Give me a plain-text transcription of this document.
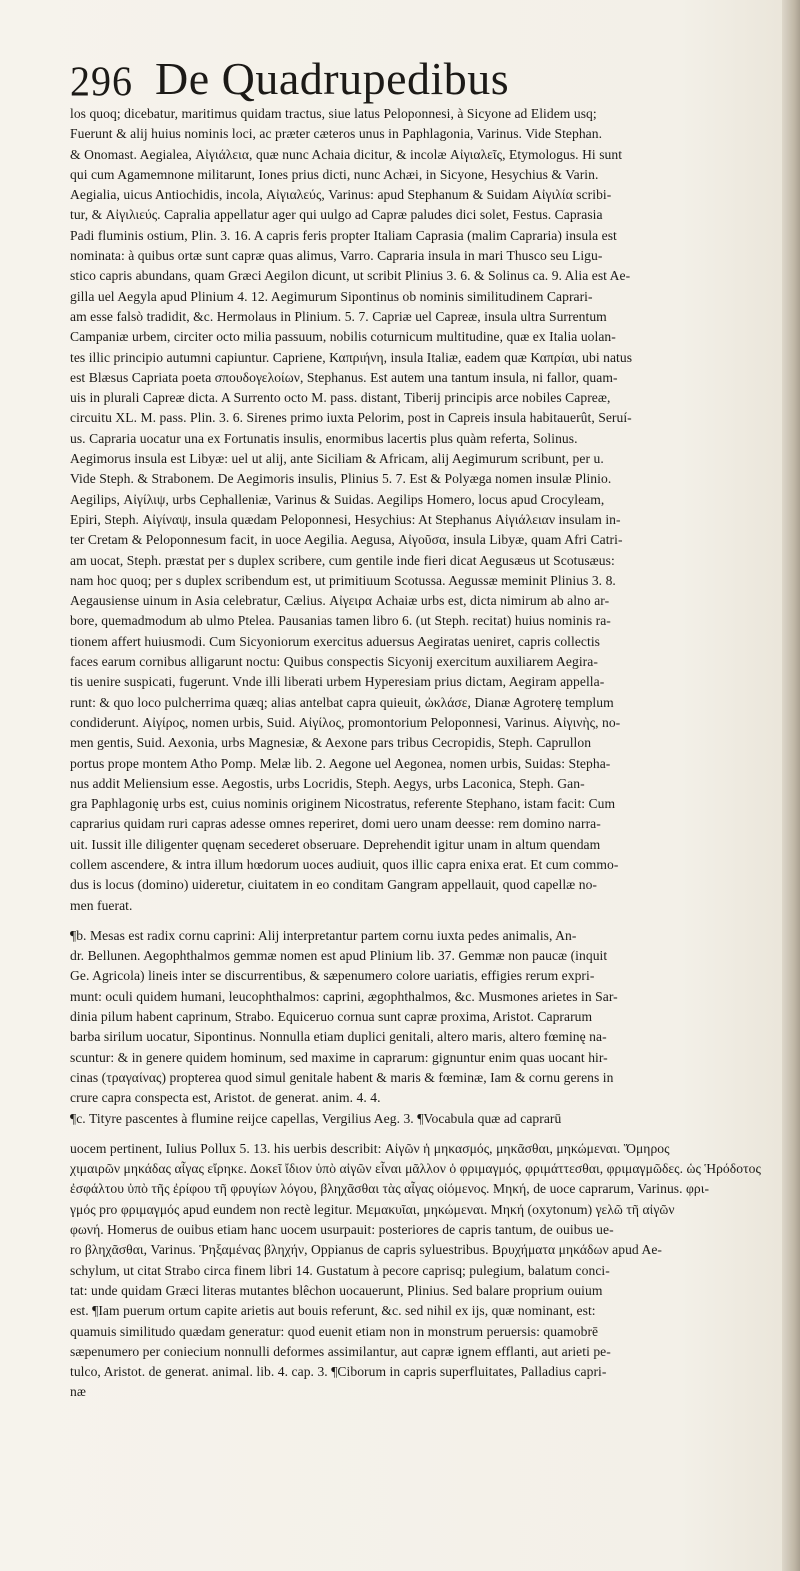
296 De Quadrupedibus
los quoq; dicebatur, maritimus quidam tractus, siue latus Peloponnesi, à Sicyone ad Elidem usq;
Fuerunt & alij huius nominis loci, ac præter cæteros unus in Paphlagonia, Varinus. Vide Stephan.
& Onomast. Aegialea, Αἰγιάλεια, quæ nunc Achaia dicitur, & incolæ Αἰγιαλεῖς, Etymologus. Hi sunt
qui cum Agamemnone militarunt, Iones prius dicti, nunc Achæi, in Sicyone, Hesychius & Varin.
Aegialia, uicus Antiochidis, incola, Αἰγιαλεύς, Varinus: apud Stephanum & Suidam Αἰγιλία scribi-
tur, & Αἰγιλιεύς. Capralia appellatur ager qui uulgo ad Capræ paludes dici solet, Festus. Caprasia
Padi fluminis ostium, Plin. 3. 16. A capris feris propter Italiam Caprasia (malim Capraria) insula est
nominata: à quibus ortæ sunt capræ quas alimus, Varro. Capraria insula in mari Thusco seu Ligu-
stico capris abundans, quam Græci Aegilon dicunt, ut scribit Plinius 3. 6. & Solinus ca. 9. Alia est Ae-
gilla uel Aegyla apud Plinium 4. 12. Aegimurum Sipontinus ob nominis similitudinem Caprari-
am esse falsò tradidit, &c. Hermolaus in Plinium. 5. 7. Capriæ uel Capreæ, insula ultra Surrentum
Campaniæ urbem, circiter octo milia passuum, nobilis coturnicum multitudine, quæ ex Italia uolan-
tes illic principio autumni capiuntur. Capriene, Καπριήνη, insula Italiæ, eadem quæ Καπρίαι, ubi natus
est Blæsus Capriata poeta σπουδογελοίων, Stephanus. Est autem una tantum insula, ni fallor, quam-
uis in plurali Capreæ dicta. A Surrento octo M. pass. distant, Tiberij principis arce nobiles Capreæ,
circuitu XL. M. pass. Plin. 3. 6. Sirenes primo iuxta Pelorim, post in Capreis insula habitauerût, Seruí-
us. Capraria uocatur una ex Fortunatis insulis, enormibus lacertis plus quàm referta, Solinus.
Aegimorus insula est Libyæ: uel ut alij, ante Siciliam & Africam, alij Aegimurum scribunt, per u.
Vide Steph. & Strabonem. De Aegimoris insulis, Plinius 5. 7. Est & Polyæga nomen insulæ Plinio.
Aegilips, Αἰγίλιψ, urbs Cephalleniæ, Varinus & Suidas. Aegilips Homero, locus apud Crocyleam,
Epiri, Steph. Αἰγίναψ, insula quædam Peloponnesi, Hesychius: At Stephanus Αἰγιάλειαν insulam in-
ter Cretam & Peloponnesum facit, in uoce Aegilia. Aegusa, Αἰγοῦσα, insula Libyæ, quam Afri Catri-
am uocat, Steph. præstat per s duplex scribere, cum gentile inde fieri dicat Aegusæus ut Scotusæus:
nam hoc quoq; per s duplex scribendum est, ut primitiuum Scotussa. Aegussæ meminit Plinius 3. 8.
Aegausiense uinum in Asia celebratur, Cælius. Αἰγειρα Achaiæ urbs est, dicta nimirum ab alno ar-
bore, quemadmodum ab ulmo Ptelea. Pausanias tamen libro 6. (ut Steph. recitat) huius nominis ra-
tionem affert huiusmodi. Cum Sicyoniorum exercitus aduersus Aegiratas ueniret, capris collectis
faces earum cornibus alligarunt noctu: Quibus conspectis Sicyonij exercitum auxiliarem Aegira-
tis uenire suspicati, fugerunt. Vnde illi liberati urbem Hyperesiam prius dictam, Aegiram appella-
runt: & quo loco pulcherrima quæq; alias antelbat capra quieuit, ὠκλάσε, Dianæ Agroterę templum
condiderunt. Αἰγίρος, nomen urbis, Suid. Αἰγίλος, promontorium Peloponnesi, Varinus. Αἰγινὴς, no-
men gentis, Suid. Aexonia, urbs Magnesiæ, & Aexone pars tribus Cecropidis, Steph. Caprullon
portus prope montem Atho Pomp. Melæ lib. 2. Aegone uel Aegonea, nomen urbis, Suidas: Stepha-
nus addit Meliensium esse. Aegostis, urbs Locridis, Steph. Aegys, urbs Laconica, Steph. Gan-
gra Paphlagonię urbs est, cuius nominis originem Nicostratus, referente Stephano, istam facit: Cum
caprarius quidam ruri capras adesse omnes reperiret, domi uero unam deesse: rem domino narra-
uit. Iussit ille diligenter quęnam secederet obseruare. Deprehendit igitur unam in altum quendam
collem ascendere, & intra illum hœdorum uoces audiuit, quos illic capra enixa erat. Et cum commo-
dus is locus (domino) uideretur, ciuitatem in eo conditam Gangram appellauit, quod capellæ no-
men fuerat.
¶b. Mesas est radix cornu caprini: Alij interpretantur partem cornu iuxta pedes animalis, An-
dr. Bellunen. Aegophthalmos gemmæ nomen est apud Plinium lib. 37. Gemmæ non paucæ (inquit
Ge. Agricola) lineis inter se discurrentibus, & sæpenumero colore uariatis, effigies rerum expri-
munt: oculi quidem humani, leucophthalmos: caprini, ægophthalmos, &c. Musmones arietes in Sar-
dinia pilum habent caprinum, Strabo. Equiceruo cornua sunt capræ proxima, Aristot. Caprarum
barba sirilum uocatur, Sipontinus. Nonnulla etiam duplici genitali, altero maris, altero fœminę na-
scuntur: & in genere quidem hominum, sed maxime in caprarum: gignuntur enim quas uocant hir-
cinas (τραγαίνας) propterea quod simul genitale habent & maris & fœminæ, Iam & cornu gerens in
crure capra conspecta est, Aristot. de generat. anim. 4. 4.
¶c. Tityre pascentes à flumine reijce capellas, Vergilius Aeg. 3. ¶Vocabula quæ ad caprarū
uocem pertinent, Iulius Pollux 5. 13. his uerbis describit: Αἰγῶν ἡ μηκασμός, μηκᾶσθαι, μηκώμεναι. Ὅμηρος
χιμαιρῶν μηκάδας αἶγας εἴρηκε. Δοκεῖ ἴδιον ὑπὸ αἰγῶν εἶναι μᾶλλον ὁ φριμαγμός, φριμάττεσθαι, φριμαγμῶδες. ὡς Ἡρόδοτος
ἐσφάλτου ὑπὸ τῆς ἐρίφου τῆ φρυγίων λόγου, βληχᾶσθαι τὰς αἶγας οἰόμενος. Μηκή, de uoce caprarum, Varinus. φρι-
γμός pro φριμαγμός apud eundem non rectè legitur. Μεμακυῖαι, μηκώμεναι. Μηκή (oxytonum) γελῶ τῆ αἰγῶν
φωνή. Homerus de ouibus etiam hanc uocem usurpauit: posteriores de capris tantum, de ouibus ue-
ro βληχᾶσθαι, Varinus. Ῥηξαμένας βληχήν, Oppianus de capris syluestribus. Βρυχήματα μηκάδων apud Ae-
schylum, ut citat Strabo circa finem libri 14. Gustatum à pecore caprisq; pulegium, balatum conci-
tat: unde quidam Græci literas mutantes blêchon uocauerunt, Plinius. Sed balare proprium ouium
est. ¶Iam puerum ortum capite arietis aut bouis referunt, &c. sed nihil ex ijs, quæ nominant, est:
quamuis similitudo quædam generatur: quod euenit etiam non in monstrum peruersis: quamobrē
sæpenumero per coniecium nonnulli deformes assimilantur, aut capræ ignem efflanti, aut arieti pe-
tulco, Aristot. de generat. animal. lib. 4. cap. 3. ¶Ciborum in capris superfluitates, Palladius capri-
næ
